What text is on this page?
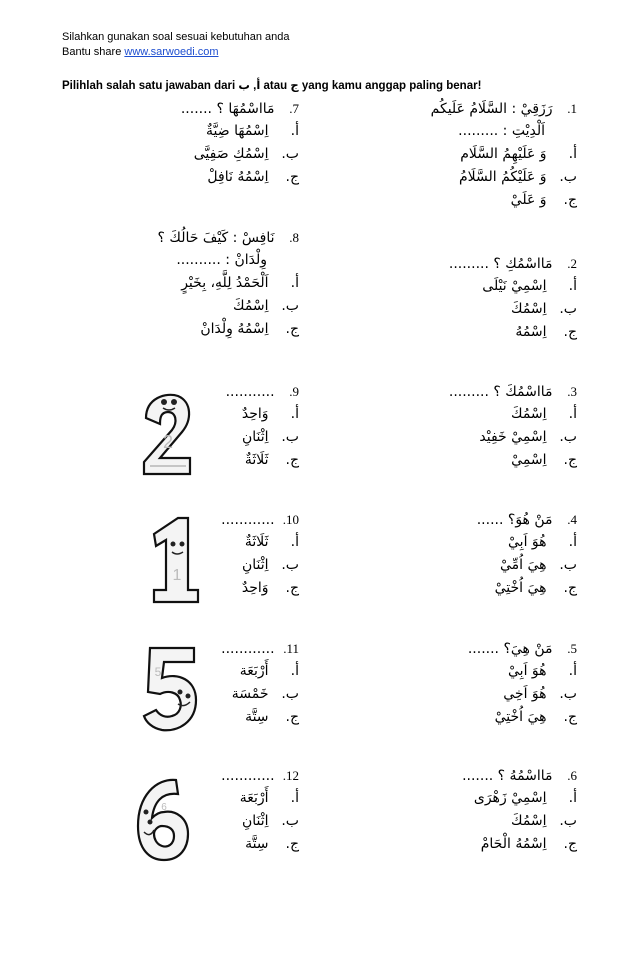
Silahkan gunakan soal sesuai kebutuhan anda
Bantu share www.sarwoedi.com
Pilihlah salah satu jawaban dari أ, ب atau ج yang kamu anggap paling benar!
1. رَزَقِيْ : السَّلَامُ عَلَيكُم
اَلْدِيْتِ : .........
أ. وَ عَلَيْهِمُ السَّلَام
ب. وَ عَلَيْكُمُ السَّلَامُ
ج. وَ عَلَيْ
2. مَااسْمُكِ ؟ .........
أ. اِسْمِيْ نَيْلَى
ب. اِسْمُكَ
ج. اِسْمُهُ
3. مَااسْمُكَ ؟ .........
أ. اِسْمُكَ
ب. اِسْمِيْ خَفِيْد
ج. اِسْمِيْ
4. مَنْ هُوَ؟ ......
أ. هُوَ اَبِيْ
ب. هِيَ اُمِّيْ
ج. هِيَ اُخْتِيْ
5. مَنْ هِيَ؟ .......
أ. هُوَ اَبِيْ
ب. هُوَ اَخِي
ج. هِيَ اُخْتِيْ
6. مَااسْمُهُ ؟ .......
أ. اِسْمِيْ زَهْرَى
ب. اِسْمُكَ
ج. اِسْمُهُ الْحَامْ
7. مَااسْمُهَا ؟ .......
أ. اِسْمُهَا ضِيَّةٌ
ب. اِسْمُكِ صَفِيَّى
ج. اِسْمُهُ نَافِلْ
8. نَافِسْ : كَيْفَ حَالُكَ ؟
وِلْدَانْ : ..........
أ. اَلْحَمْدُ لِلَّهِ، بِخَيْرٍ
ب. اِسْمُكَ
ج. اِسْمُهُ وِلْدَانْ
9. ...........
أ. وَاحِدٌ
ب. اِثْنَانِ
ج. ثَلَاثَةٌ
2
10. ............
أ. ثَلَاثَةٌ
ب. اِثْنَانِ
ج. وَاحِدٌ
1
11. ............
أ. أَرْبَعَة
ب. خَمْسَة
ج. سِتَّة
5
12. ............
أ. أَرْبَعَة
ب. اِثْنَانِ
ج. سِتَّة
6
